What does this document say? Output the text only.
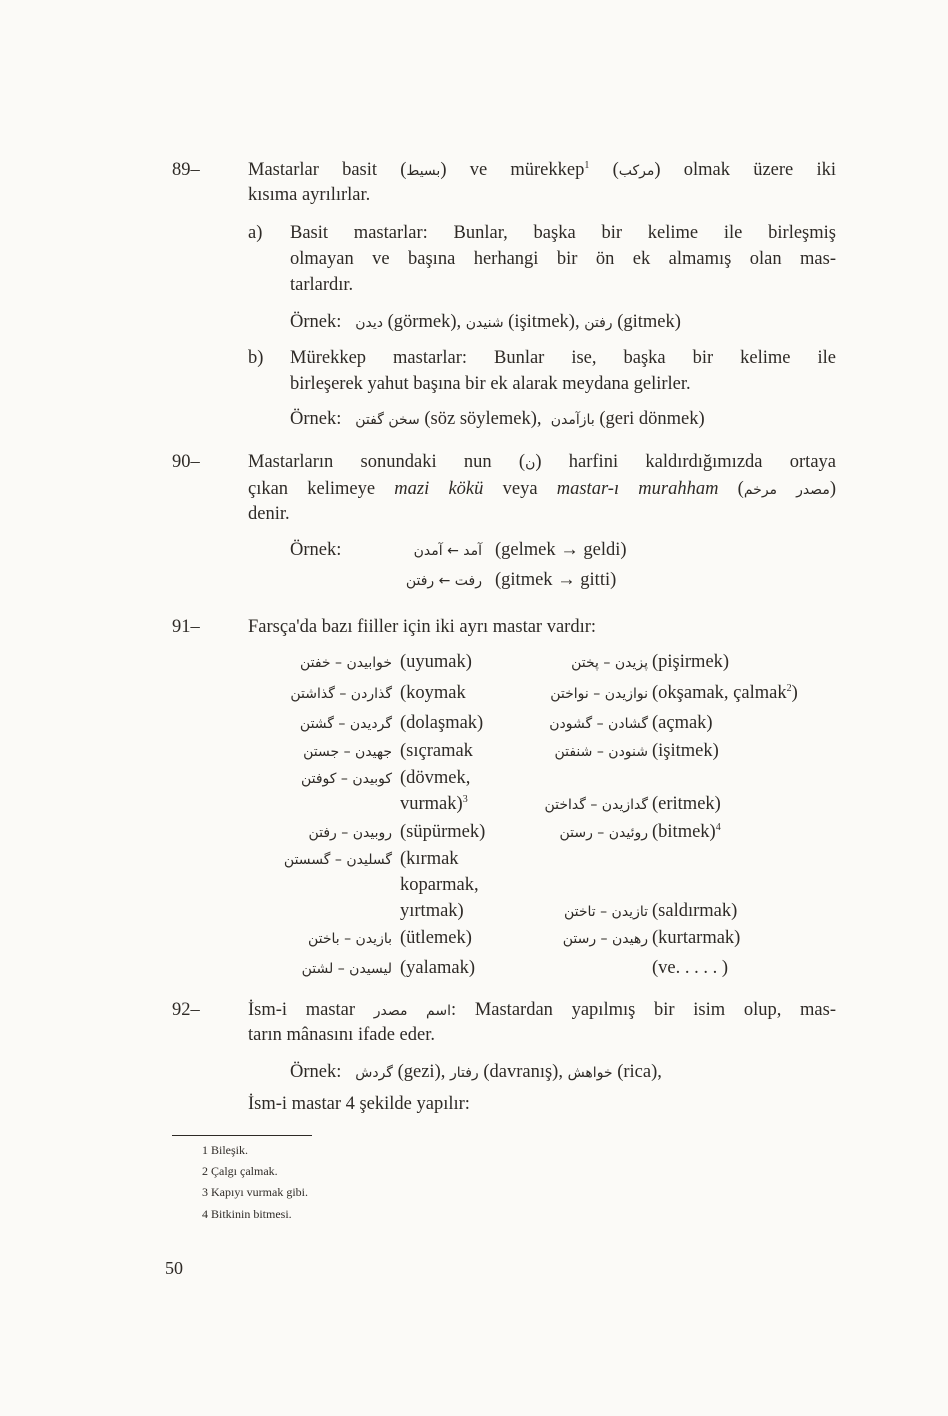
89–	Mastarlar basit (بسيط) ve mürekkep$^1$ (مركب) olmak üzere iki
kısıma ayrılırlar.
a) Basit mastarlar: Bunlar, başka bir kelime ile birleşmiş
olmayan ve başına herhangi bir ön ek almamış olan mas-
tarlardır.
Örnek: ديدن (görmek), شنيدن (işitmek), رفتن (gitmek)
b) Mürekkep mastarlar: Bunlar ise, başka bir kelime ile
birleşerek yahut başına bir ek alarak meydana gelirler.
Örnek: سخن گفتن (söz söylemek), بازآمدن (geri dönmek)
90–	Mastarların sonundaki nun (ن) harfini kaldırdığımızda ortaya
çıkan kelimeye mazi kökü veya mastar-ı murahham (مصدر مرخم)
denir.
Örnek:	آمد ← آمدن (gelmek → geldi)
رفت ← رفتن (gitmek → gitti)
91–	Farsça'da bazı fiiller için iki ayrı mastar vardır:
خوابيدن – خفتن (uyumak)	پزيدن – پختن (pişirmek)
گذاردن – گذاشتن (koymak	نوازيدن – نواختن (okşamak, çalmak$^2$)
گرديدن – گشتن (dolaşmak)	گشادن – گشودن (açmak)
جهيدن – جستن (sıçramak	شنودن – شنفتن (işitmek)
كوبيدن – كوفتن (dövmek,
vurmak)$^3$	گدازيدن – گداختن (eritmek)
روبيدن – رفتن (süpürmek)	روئيدن – رستن (bitmek)$^4$
گسليدن – گسستن (kırmak
koparmak,
yırtmak)	تازيدن – تاختن (saldırmak)
بازيدن – باختن (ütlemek)	رهيدن – رستن (kurtarmak)
ليسيدن – لشتن (yalamak)	(ve. . . . . )
92–	İsm-i mastar اسم مصدر: Mastardan yapılmış bir isim olup, mas-
tarın mânasını ifade eder.
Örnek: گردش (gezi), رفتار (davranış), خواهش (rica),
İsm-i mastar 4 şekilde yapılır:
1 Bileşik.
2 Çalgı çalmak.
3 Kapıyı vurmak gibi.
4 Bitkinin bitmesi.
50
